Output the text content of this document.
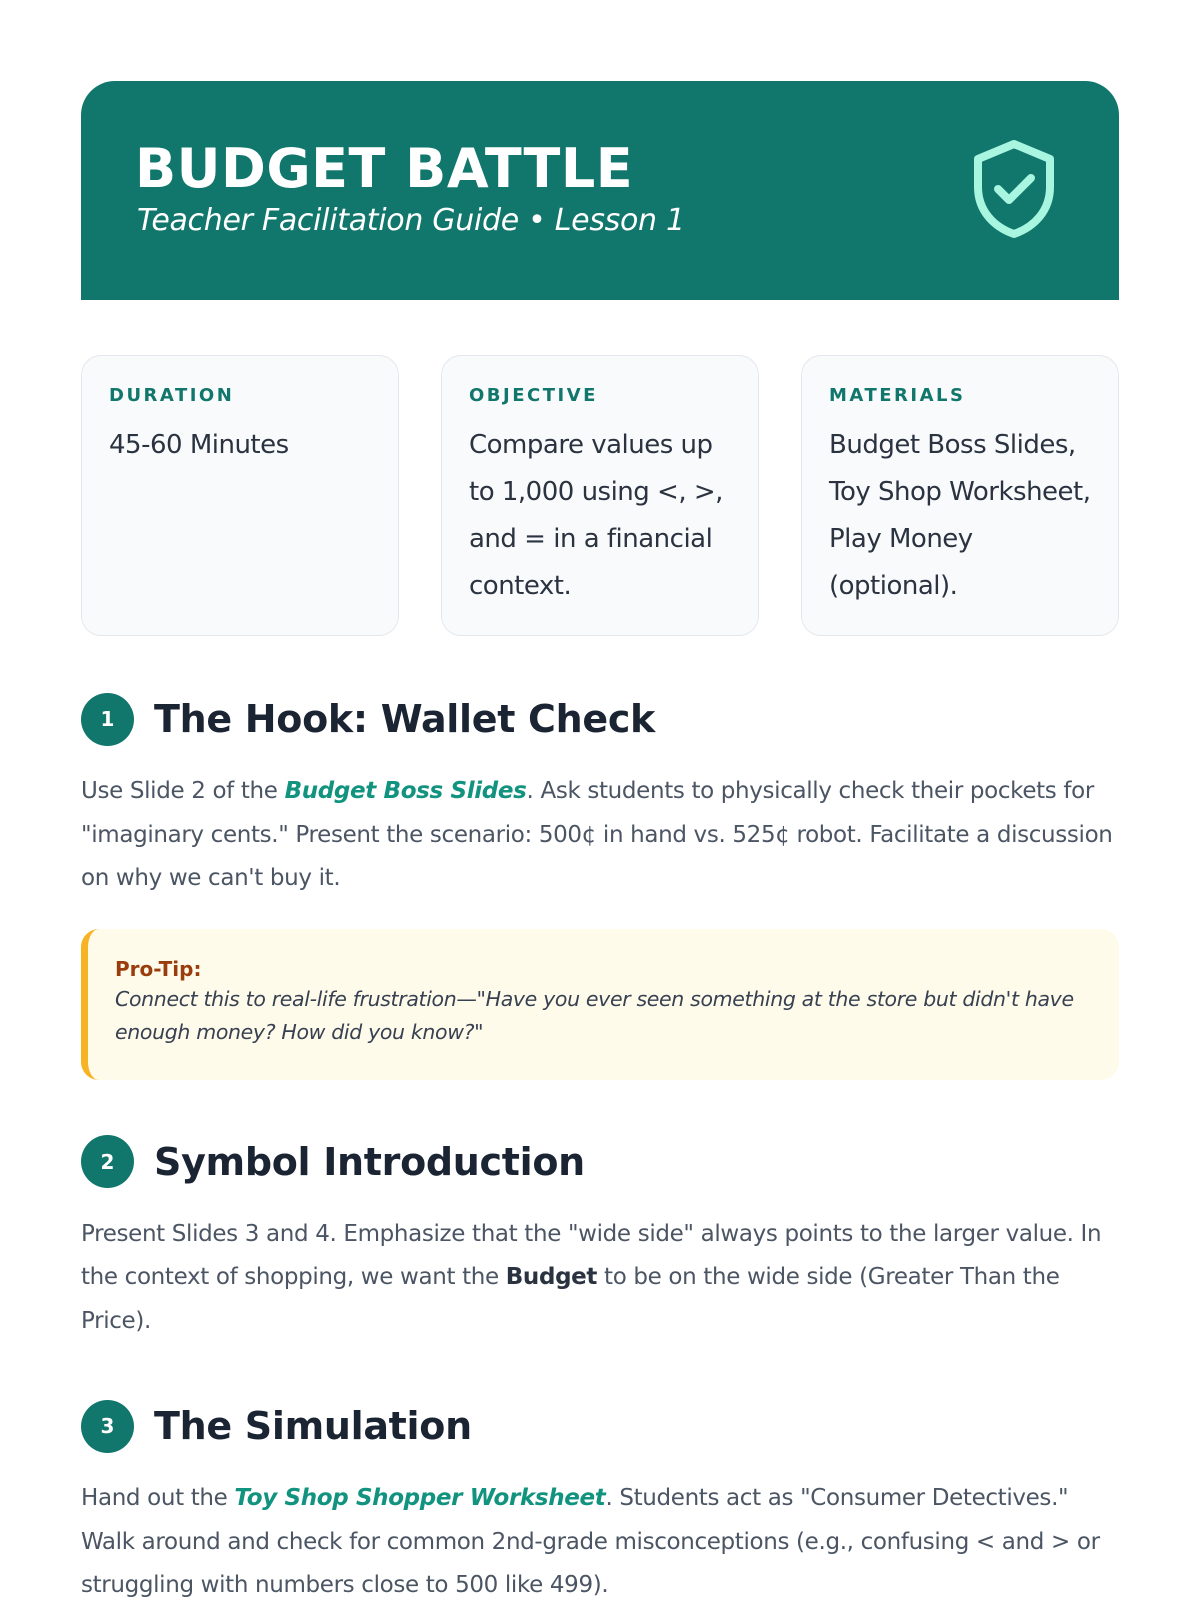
BUDGET BATTLE

Teacher Facilitation Guide • Lesson 1

DURATION

45-60 Minutes

OBJECTIVE

Compare values up to 1,000 using <, >, and = in a financial context.

MATERIALS

Budget Boss Slides, Toy Shop Worksheet, Play Money (optional).

1	The Hook: Wallet Check

Use Slide 2 of the Budget Boss Slides. Ask students to physically check their pockets for "imaginary cents." Present the scenario: 500¢ in hand vs. 525¢ robot. Facilitate a discussion on why we can't buy it.

Pro-Tip:

Connect this to real-life frustration—"Have you ever seen something at the store but didn't have enough money? How did you know?"

2	Symbol Introduction

Present Slides 3 and 4. Emphasize that the "wide side" always points to the larger value. In the context of shopping, we want the Budget to be on the wide side (Greater Than the Price).

3	The Simulation

Hand out the Toy Shop Shopper Worksheet. Students act as "Consumer Detectives." Walk around and check for common 2nd-grade misconceptions (e.g., confusing < and > or struggling with numbers close to 500 like 499).
